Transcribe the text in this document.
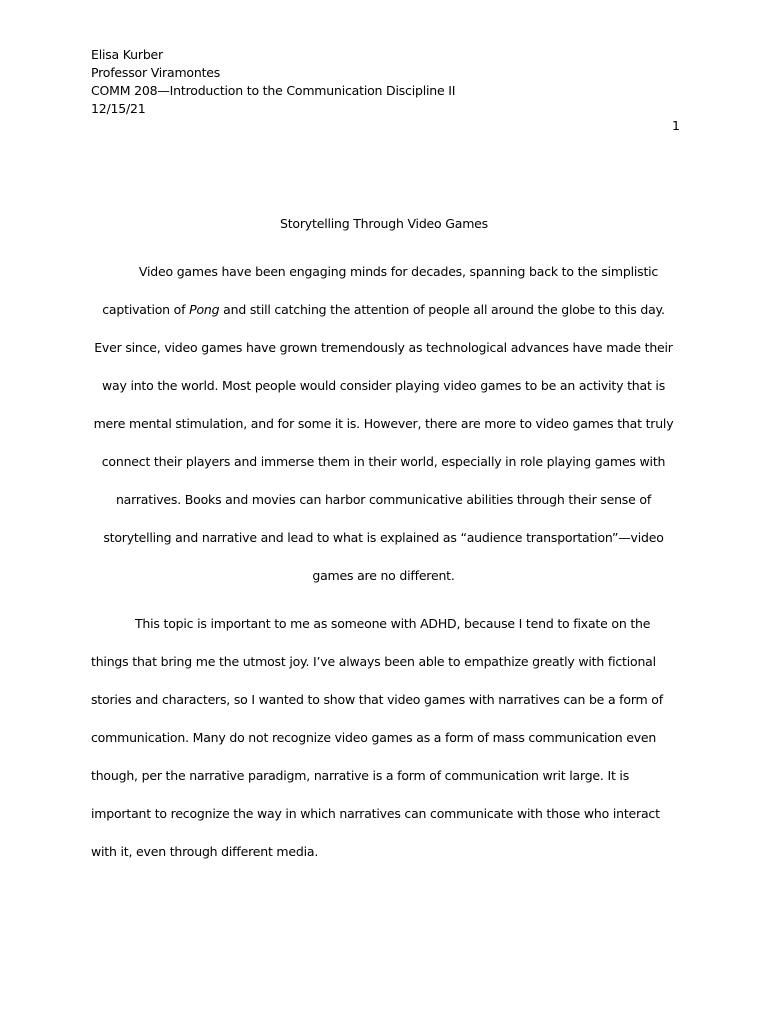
Elisa Kurber
Professor Viramontes
COMM 208—Introduction to the Communication Discipline II
12/15/21
1
Storytelling Through Video Games
Video games have been engaging minds for decades, spanning back to the simplistic
captivation of Pong and still catching the attention of people all around the globe to this day.
Ever since, video games have grown tremendously as technological advances have made their
way into the world. Most people would consider playing video games to be an activity that is
mere mental stimulation, and for some it is. However, there are more to video games that truly
connect their players and immerse them in their world, especially in role playing games with
narratives. Books and movies can harbor communicative abilities through their sense of
storytelling and narrative and lead to what is explained as “audience transportation”—video
games are no different.
This topic is important to me as someone with ADHD, because I tend to fixate on the
things that bring me the utmost joy. I’ve always been able to empathize greatly with fictional
stories and characters, so I wanted to show that video games with narratives can be a form of
communication. Many do not recognize video games as a form of mass communication even
though, per the narrative paradigm, narrative is a form of communication writ large. It is
important to recognize the way in which narratives can communicate with those who interact
with it, even through different media.
